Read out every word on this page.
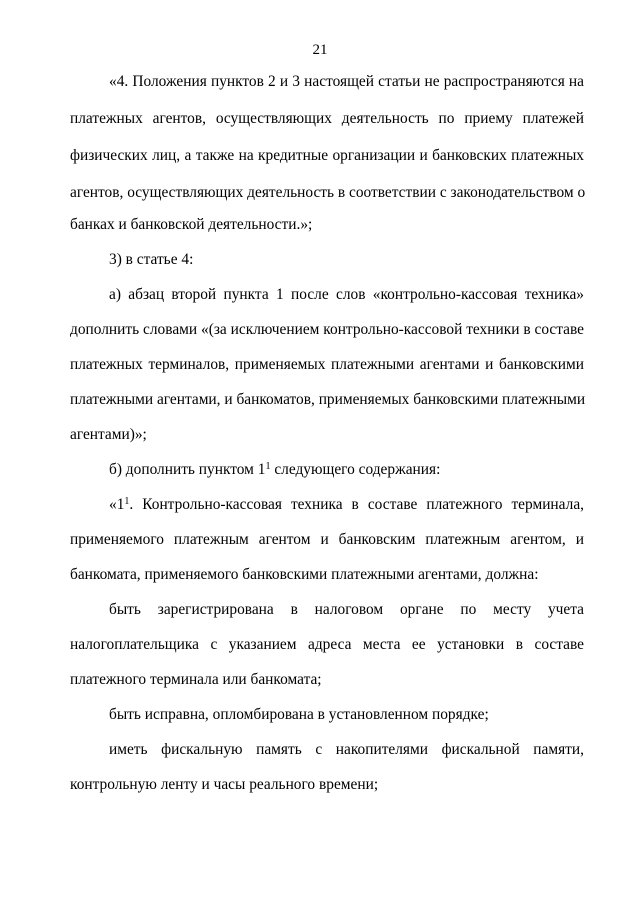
21
«4. Положения пунктов 2 и 3 настоящей статьи не распространяются на
платежных агентов, осуществляющих деятельность по приему платежей
физических лиц, а также на кредитные организации и банковских платежных
агентов, осуществляющих деятельность в соответствии с законодательством о
банках и банковской деятельности.»;
3) в статье 4:
а) абзац второй пункта 1 после слов «контрольно-кассовая техника»
дополнить словами «(за исключением контрольно-кассовой техники в составе
платежных терминалов, применяемых платежными агентами и банковскими
платежными агентами, и банкоматов, применяемых банковскими платежными
агентами)»;
б) дополнить пунктом $1^1$ следующего содержания:
«$1^1$. Контрольно-кассовая техника в составе платежного терминала,
применяемого платежным агентом и банковским платежным агентом, и
банкомата, применяемого банковскими платежными агентами, должна:
быть зарегистрирована в налоговом органе по месту учета
налогоплательщика с указанием адреса места ее установки в составе
платежного терминала или банкомата;
быть исправна, опломбирована в установленном порядке;
иметь фискальную память с накопителями фискальной памяти,
контрольную ленту и часы реального времени;
